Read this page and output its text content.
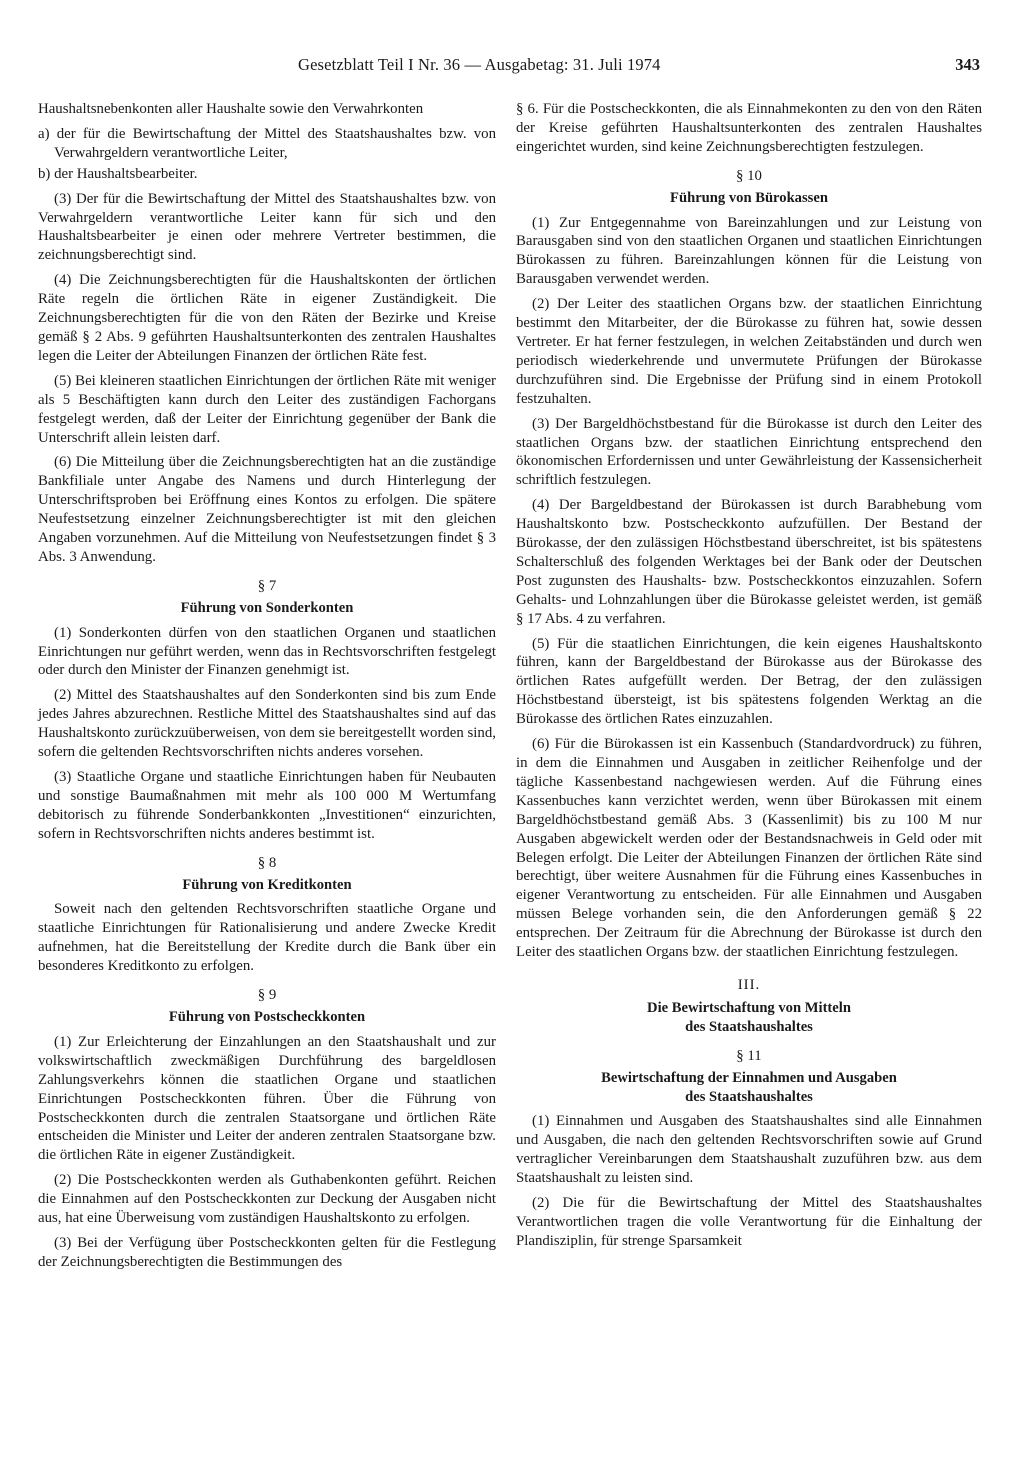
Gesetzblatt Teil I Nr. 36 — Ausgabetag: 31. Juli 1974	343

Haushaltsnebenkonten aller Haushalte sowie den Verwahrkonten

a) der für die Bewirtschaftung der Mittel des Staatshaushaltes bzw. von Verwahrgeldern verantwortliche Leiter,

b) der Haushaltsbearbeiter.

(3) Der für die Bewirtschaftung der Mittel des Staatshaushaltes bzw. von Verwahrgeldern verantwortliche Leiter kann für sich und den Haushaltsbearbeiter je einen oder mehrere Vertreter bestimmen, die zeichnungsberechtigt sind.

(4) Die Zeichnungsberechtigten für die Haushaltskonten der örtlichen Räte regeln die örtlichen Räte in eigener Zuständigkeit. Die Zeichnungsberechtigten für die von den Räten der Bezirke und Kreise gemäß § 2 Abs. 9 geführten Haushaltsunterkonten des zentralen Haushaltes legen die Leiter der Abteilungen Finanzen der örtlichen Räte fest.

(5) Bei kleineren staatlichen Einrichtungen der örtlichen Räte mit weniger als 5 Beschäftigten kann durch den Leiter des zuständigen Fachorgans festgelegt werden, daß der Leiter der Einrichtung gegenüber der Bank die Unterschrift allein leisten darf.

(6) Die Mitteilung über die Zeichnungsberechtigten hat an die zuständige Bankfiliale unter Angabe des Namens und durch Hinterlegung der Unterschriftsproben bei Eröffnung eines Kontos zu erfolgen. Die spätere Neufestsetzung einzelner Zeichnungsberechtigter ist mit den gleichen Angaben vorzunehmen. Auf die Mitteilung von Neufestsetzungen findet § 3 Abs. 3 Anwendung.

§ 7
Führung von Sonderkonten

(1) Sonderkonten dürfen von den staatlichen Organen und staatlichen Einrichtungen nur geführt werden, wenn das in Rechtsvorschriften festgelegt oder durch den Minister der Finanzen genehmigt ist.

(2) Mittel des Staatshaushaltes auf den Sonderkonten sind bis zum Ende jedes Jahres abzurechnen. Restliche Mittel des Staatshaushaltes sind auf das Haushaltskonto zurückzuüberweisen, von dem sie bereitgestellt worden sind, sofern die geltenden Rechtsvorschriften nichts anderes vorsehen.

(3) Staatliche Organe und staatliche Einrichtungen haben für Neubauten und sonstige Baumaßnahmen mit mehr als 100 000 M Wertumfang debitorisch zu führende Sonderbankkonten „Investitionen“ einzurichten, sofern in Rechtsvorschriften nichts anderes bestimmt ist.

§ 8
Führung von Kreditkonten

Soweit nach den geltenden Rechtsvorschriften staatliche Organe und staatliche Einrichtungen für Rationalisierung und andere Zwecke Kredit aufnehmen, hat die Bereitstellung der Kredite durch die Bank über ein besonderes Kreditkonto zu erfolgen.

§ 9
Führung von Postscheckkonten

(1) Zur Erleichterung der Einzahlungen an den Staatshaushalt und zur volkswirtschaftlich zweckmäßigen Durchführung des bargeldlosen Zahlungsverkehrs können die staatlichen Organe und staatlichen Einrichtungen Postscheckkonten führen. Über die Führung von Postscheckkonten durch die zentralen Staatsorgane und örtlichen Räte entscheiden die Minister und Leiter der anderen zentralen Staatsorgane bzw. die örtlichen Räte in eigener Zuständigkeit.

(2) Die Postscheckkonten werden als Guthabenkonten geführt. Reichen die Einnahmen auf den Postscheckkonten zur Deckung der Ausgaben nicht aus, hat eine Überweisung vom zuständigen Haushaltskonto zu erfolgen.

(3) Bei der Verfügung über Postscheckkonten gelten für die Festlegung der Zeichnungsberechtigten die Bestimmungen des

§ 6. Für die Postscheckkonten, die als Einnahmekonten zu den von den Räten der Kreise geführten Haushaltsunterkonten des zentralen Haushaltes eingerichtet wurden, sind keine Zeichnungsberechtigten festzulegen.

§ 10
Führung von Bürokassen

(1) Zur Entgegennahme von Bareinzahlungen und zur Leistung von Barausgaben sind von den staatlichen Organen und staatlichen Einrichtungen Bürokassen zu führen. Bareinzahlungen können für die Leistung von Barausgaben verwendet werden.

(2) Der Leiter des staatlichen Organs bzw. der staatlichen Einrichtung bestimmt den Mitarbeiter, der die Bürokasse zu führen hat, sowie dessen Vertreter. Er hat ferner festzulegen, in welchen Zeitabständen und durch wen periodisch wiederkehrende und unvermutete Prüfungen der Bürokasse durchzuführen sind. Die Ergebnisse der Prüfung sind in einem Protokoll festzuhalten.

(3) Der Bargeldhöchstbestand für die Bürokasse ist durch den Leiter des staatlichen Organs bzw. der staatlichen Einrichtung entsprechend den ökonomischen Erfordernissen und unter Gewährleistung der Kassensicherheit schriftlich festzulegen.

(4) Der Bargeldbestand der Bürokassen ist durch Barabhebung vom Haushaltskonto bzw. Postscheckkonto aufzufüllen. Der Bestand der Bürokasse, der den zulässigen Höchstbestand überschreitet, ist bis spätestens Schalterschluß des folgenden Werktages bei der Bank oder der Deutschen Post zugunsten des Haushalts- bzw. Postscheckkontos einzuzahlen. Sofern Gehalts- und Lohnzahlungen über die Bürokasse geleistet werden, ist gemäß § 17 Abs. 4 zu verfahren.

(5) Für die staatlichen Einrichtungen, die kein eigenes Haushaltskonto führen, kann der Bargeldbestand der Bürokasse aus der Bürokasse des örtlichen Rates aufgefüllt werden. Der Betrag, der den zulässigen Höchstbestand übersteigt, ist bis spätestens folgenden Werktag an die Bürokasse des örtlichen Rates einzuzahlen.

(6) Für die Bürokassen ist ein Kassenbuch (Standardvordruck) zu führen, in dem die Einnahmen und Ausgaben in zeitlicher Reihenfolge und der tägliche Kassenbestand nachgewiesen werden. Auf die Führung eines Kassenbuches kann verzichtet werden, wenn über Bürokassen mit einem Bargeldhöchstbestand gemäß Abs. 3 (Kassenlimit) bis zu 100 M nur Ausgaben abgewickelt werden oder der Bestandsnachweis in Geld oder mit Belegen erfolgt. Die Leiter der Abteilungen Finanzen der örtlichen Räte sind berechtigt, über weitere Ausnahmen für die Führung eines Kassenbuches in eigener Verantwortung zu entscheiden. Für alle Einnahmen und Ausgaben müssen Belege vorhanden sein, die den Anforderungen gemäß § 22 entsprechen. Der Zeitraum für die Abrechnung der Bürokasse ist durch den Leiter des staatlichen Organs bzw. der staatlichen Einrichtung festzulegen.

III.
Die Bewirtschaftung von Mitteln
des Staatshaushaltes
§ 11
Bewirtschaftung der Einnahmen und Ausgaben
des Staatshaushaltes

(1) Einnahmen und Ausgaben des Staatshaushaltes sind alle Einnahmen und Ausgaben, die nach den geltenden Rechtsvorschriften sowie auf Grund vertraglicher Vereinbarungen dem Staatshaushalt zuzuführen bzw. aus dem Staatshaushalt zu leisten sind.

(2) Die für die Bewirtschaftung der Mittel des Staatshaushaltes Verantwortlichen tragen die volle Verantwortung für die Einhaltung der Plandisziplin, für strenge Sparsamkeit
